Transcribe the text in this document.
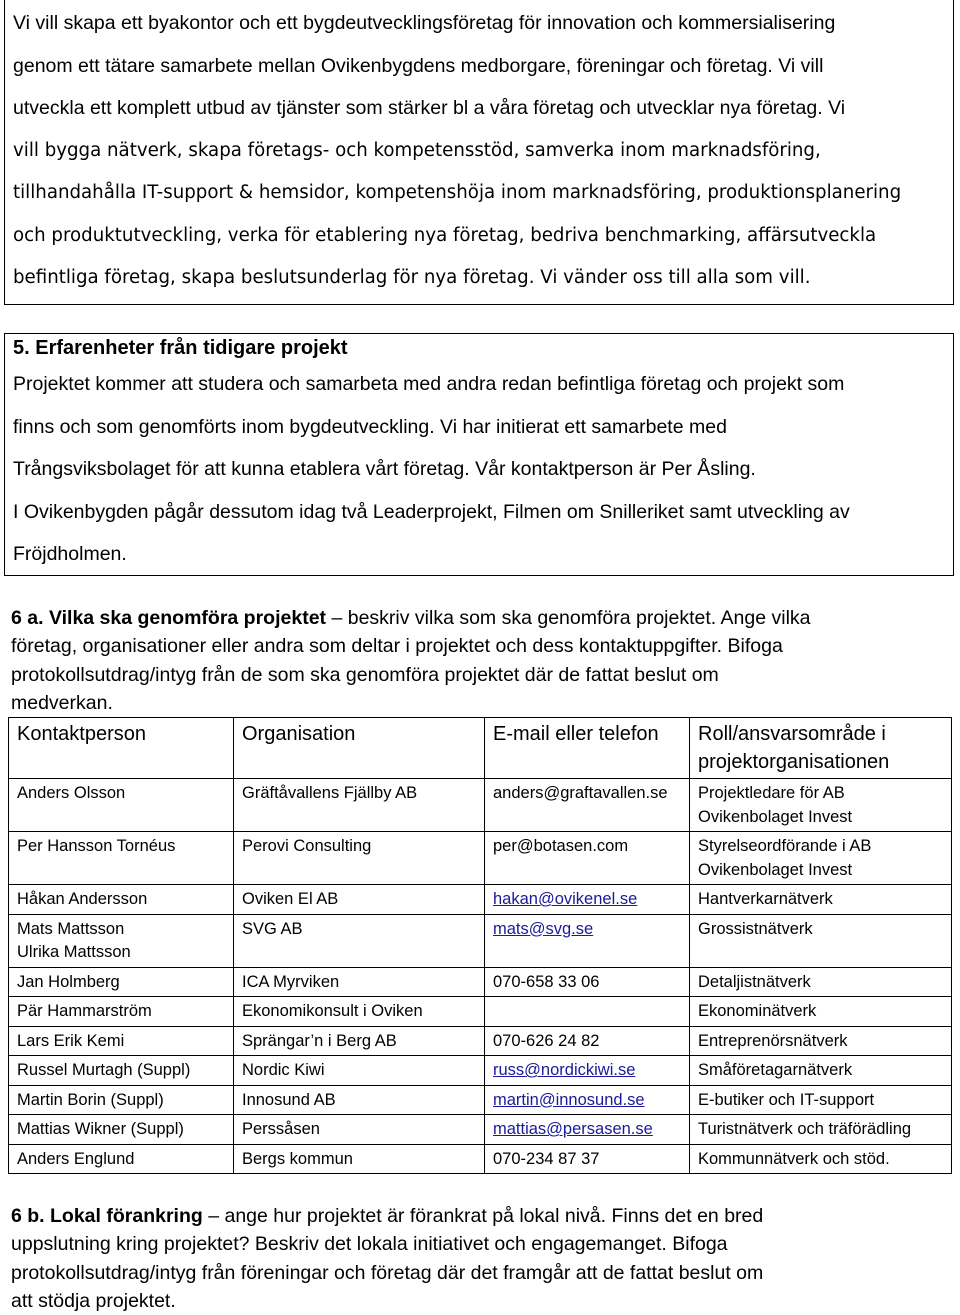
Vi vill skapa ett byakontor och ett bygdeutvecklingsföretag för innovation och kommersialisering

genom ett tätare samarbete mellan Ovikenbygdens medborgare, föreningar och företag. Vi vill

utveckla ett komplett utbud av tjänster som stärker bl a våra företag och utvecklar nya företag. Vi

vill bygga nätverk, skapa företags- och kompetensstöd, samverka inom marknadsföring,

tillhandahålla IT-support & hemsidor, kompetenshöja inom marknadsföring, produktionsplanering

och produktutveckling, verka för etablering nya företag, bedriva benchmarking, affärsutveckla

befintliga företag, skapa beslutsunderlag för nya företag. Vi vänder oss till alla som vill.

5. Erfarenheter från tidigare projekt

Projektet kommer att studera och samarbeta med andra redan befintliga företag och projekt som

finns och som genomförts inom bygdeutveckling. Vi har initierat ett samarbete med

Trångsviksbolaget för att kunna etablera vårt företag. Vår kontaktperson är Per Åsling.

I Ovikenbygden pågår dessutom idag två Leaderprojekt, Filmen om Snilleriket samt utveckling av

Fröjdholmen.

6 a. Vilka ska genomföra projektet – beskriv vilka som ska genomföra projektet. Ange vilka
företag, organisationer eller andra som deltar i projektet och dess kontaktuppgifter. Bifoga
protokollsutdrag/intyg från de som ska genomföra projektet där de fattat beslut om
medverkan.
Kontaktperson	Organisation	E-mail eller telefon	Roll/ansvarsområde i
projektorganisationen

Anders Olsson	Gräftåvallens Fjällby AB	anders@graftavallen.se	Projektledare för AB
Ovikenbolaget Invest

Per Hansson Tornéus	Perovi Consulting	per@botasen.com	Styrelseordförande i AB
Ovikenbolaget Invest

Håkan Andersson	Oviken El AB	hakan@ovikenel.se	Hantverkarnätverk

Mats Mattsson
Ulrika Mattsson	SVG AB	mats@svg.se	Grossistnätverk

Jan Holmberg	ICA Myrviken	070-658 33 06	Detaljistnätverk

Pär Hammarström	Ekonomikonsult i Oviken		Ekonominätverk

Lars Erik Kemi	Sprängar’n i Berg AB	070-626 24 82	Entreprenörsnätverk

Russel Murtagh (Suppl)	Nordic Kiwi	russ@nordickiwi.se	Småföretagarnätverk

Martin Borin (Suppl)	Innosund AB	martin@innosund.se	E-butiker och IT-support

Mattias Wikner (Suppl)	Perssåsen	mattias@persasen.se	Turistnätverk och träförädling

Anders Englund	Bergs kommun	070-234 87 37	Kommunnätverk och stöd.
6 b. Lokal förankring – ange hur projektet är förankrat på lokal nivå. Finns det en bred
uppslutning kring projektet? Beskriv det lokala initiativet och engagemanget. Bifoga
protokollsutdrag/intyg från föreningar och företag där det framgår att de fattat beslut om
att stödja projektet.
